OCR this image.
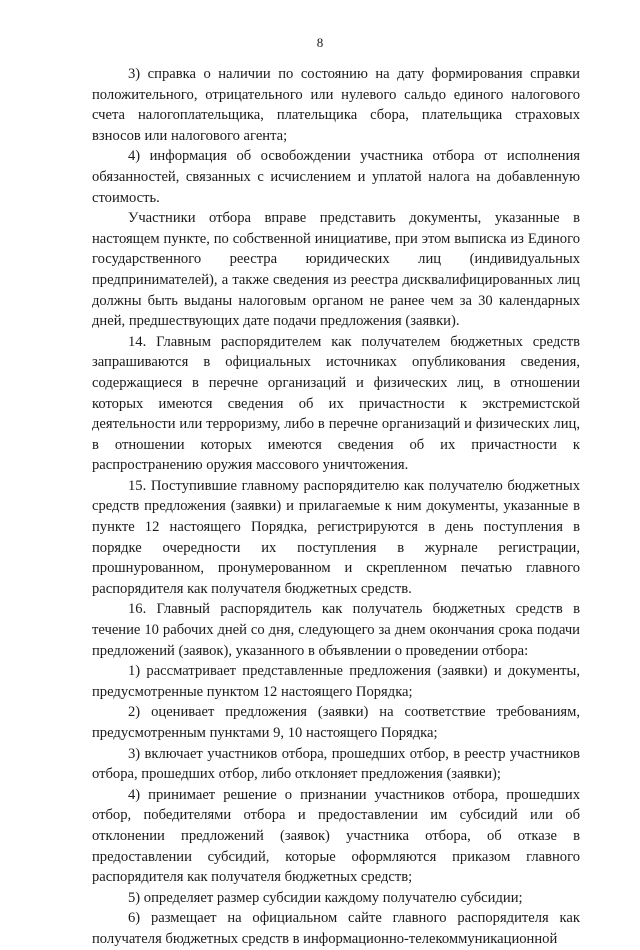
8

3) справка о наличии по состоянию на дату формирования справки положительного, отрицательного или нулевого сальдо единого налогового счета налогоплательщика, плательщика сбора, плательщика страховых взносов или налогового агента;

4) информация об освобождении участника отбора от исполнения обязанностей, связанных с исчислением и уплатой налога на добавленную стоимость.

Участники отбора вправе представить документы, указанные в настоящем пункте, по собственной инициативе, при этом выписка из Единого государственного реестра юридических лиц (индивидуальных предпринимателей), а также сведения из реестра дисквалифицированных лиц должны быть выданы налоговым органом не ранее чем за 30 календарных дней, предшествующих дате подачи предложения (заявки).

14. Главным распорядителем как получателем бюджетных средств запрашиваются в официальных источниках опубликования сведения, содержащиеся в перечне организаций и физических лиц, в отношении которых имеются сведения об их причастности к экстремистской деятельности или терроризму, либо в перечне организаций и физических лиц, в отношении которых имеются сведения об их причастности к распространению оружия массового уничтожения.

15. Поступившие главному распорядителю как получателю бюджетных средств предложения (заявки) и прилагаемые к ним документы, указанные в пункте 12 настоящего Порядка, регистрируются в день поступления в порядке очередности их поступления в журнале регистрации, прошнурованном, пронумерованном и скрепленном печатью главного распорядителя как получателя бюджетных средств.

16. Главный распорядитель как получатель бюджетных средств в течение 10 рабочих дней со дня, следующего за днем окончания срока подачи предложений (заявок), указанного в объявлении о проведении отбора:

1) рассматривает представленные предложения (заявки) и документы, предусмотренные пунктом 12 настоящего Порядка;

2) оценивает предложения (заявки) на соответствие требованиям, предусмотренным пунктами 9, 10 настоящего Порядка;

3) включает участников отбора, прошедших отбор, в реестр участников отбора, прошедших отбор, либо отклоняет предложения (заявки);

4) принимает решение о признании участников отбора, прошедших отбор, победителями отбора и предоставлении им субсидий или об отклонении предложений (заявок) участника отбора, об отказе в предоставлении субсидий, которые оформляются приказом главного распорядителя как получателя бюджетных средств;

5) определяет размер субсидии каждому получателю субсидии;

6) размещает на официальном сайте главного распорядителя как получателя бюджетных средств в информационно-телекоммуникационной
